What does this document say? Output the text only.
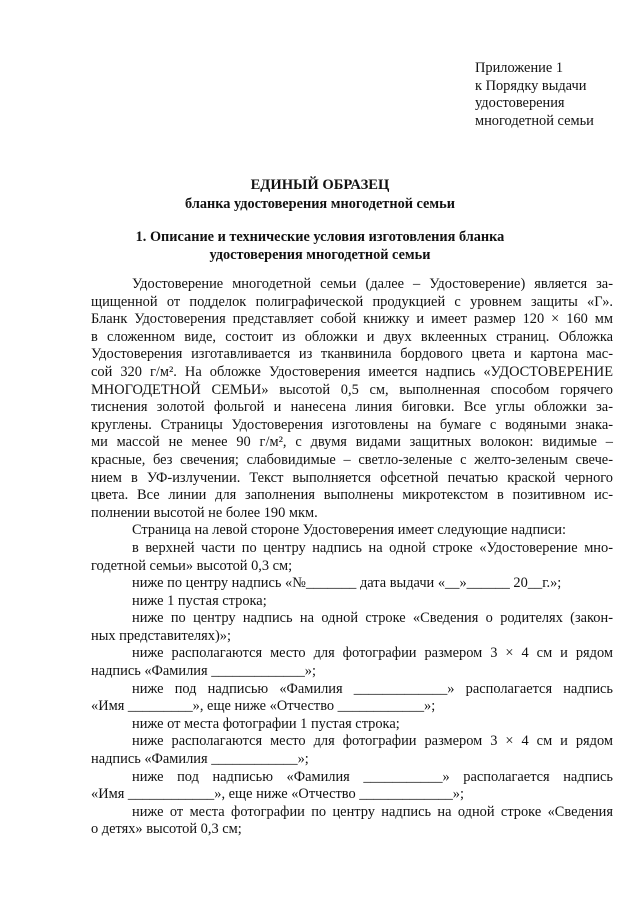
Приложение 1
к Порядку выдачи
удостоверения
многодетной семьи
ЕДИНЫЙ ОБРАЗЕЦ
бланка удостоверения многодетной семьи
1. Описание и технические условия изготовления бланка
удостоверения многодетной семьи
Удостоверение многодетной семьи (далее – Удостоверение) является за-
щищенной от подделок полиграфической продукцией с уровнем защиты «Г».
Бланк Удостоверения представляет собой книжку и имеет размер 120 × 160 мм
в сложенном виде, состоит из обложки и двух вклеенных страниц. Обложка
Удостоверения изготавливается из тканвинила бордового цвета и картона мас-
сой 320 г/м². На обложке Удостоверения имеется надпись «УДОСТОВЕРЕНИЕ
МНОГОДЕТНОЙ СЕМЬИ» высотой 0,5 см, выполненная способом горячего
тиснения золотой фольгой и нанесена линия биговки. Все углы обложки за-
круглены. Страницы Удостоверения изготовлены на бумаге с водяными знака-
ми массой не менее 90 г/м², с двумя видами защитных волокон: видимые –
красные, без свечения; слабовидимые – светло-зеленые с желто-зеленым свече-
нием в УФ-излучении. Текст выполняется офсетной печатью краской черного
цвета. Все линии для заполнения выполнены микротекстом в позитивном ис-
полнении высотой не более 190 мкм.
Страница на левой стороне Удостоверения имеет следующие надписи:
в верхней части по центру надпись на одной строке «Удостоверение мно-
годетной семьи» высотой 0,3 см;
ниже по центру надпись «№_______ дата выдачи «__»______ 20__г.»;
ниже 1 пустая строка;
ниже по центру надпись на одной строке «Сведения о родителях (закон-
ных представителях)»;
ниже располагаются место для фотографии размером 3 × 4 см и рядом
надпись «Фамилия _____________»;
ниже под надписью «Фамилия _____________» располагается надпись
«Имя _________», еще ниже «Отчество ____________»;
ниже от места фотографии 1 пустая строка;
ниже располагаются место для фотографии размером 3 × 4 см и рядом
надпись «Фамилия ____________»;
ниже под надписью «Фамилия ___________» располагается надпись
«Имя ____________», еще ниже «Отчество _____________»;
ниже от места фотографии по центру надпись на одной строке «Сведения
о детях» высотой 0,3 см;
